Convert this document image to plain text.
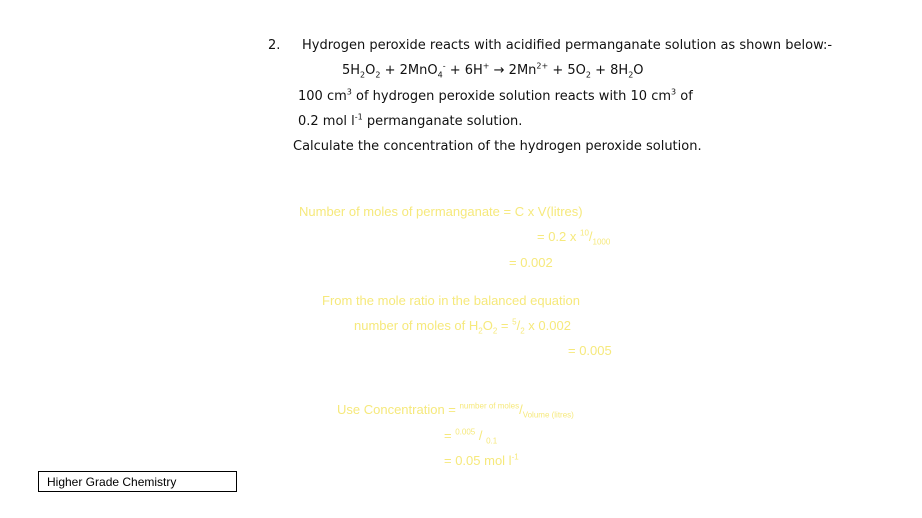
2. Hydrogen peroxide reacts with acidified permanganate solution as shown below:-
$5H_2O_2 + 2MnO_4^- + 6H^+ \to 2Mn^{2+} + 5O_2 + 8H_2O$
100 $cm^3$ of hydrogen peroxide solution reacts with 10 $cm^3$ of
0.2 mol $l^{-1}$ permanganate solution.
Calculate the concentration of the hydrogen peroxide solution.
Number of moles of permanganate = C x V(litres)
= 0.2 x $^{10}/_{1000}$
= 0.002
From the mole ratio in the balanced equation
number of moles of $H_2O_2 = ^5/_2$ x 0.002
= 0.005
Use Concentration = $^{number of moles}/_{Volume (litres)}$
= $^{0.005}$ / $_{0.1}$
= 0.05 mol $l^{-1}$
Higher Grade Chemistry
